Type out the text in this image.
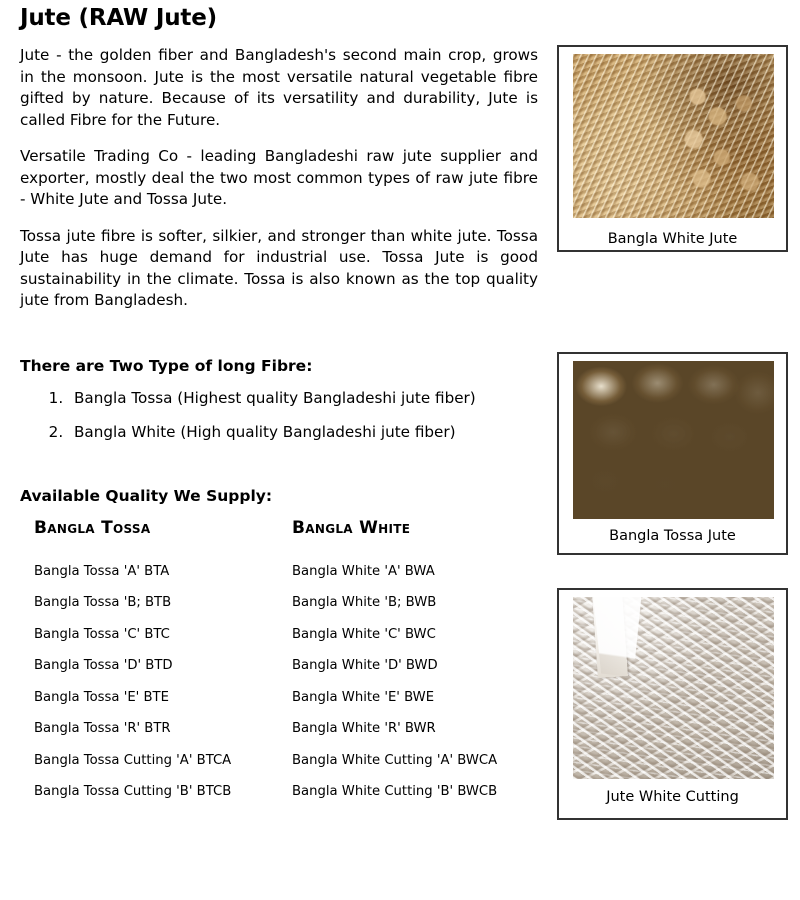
Jute (RAW Jute)

Jute - the golden fiber and Bangladesh's second main crop, grows in the monsoon. Jute is the most versatile natural vegetable fibre gifted by nature. Because of its versatility and durability, Jute is called Fibre for the Future.

Versatile Trading Co - leading Bangladeshi raw jute supplier and exporter, mostly deal the two most common types of raw jute fibre - White Jute and Tossa Jute.

Tossa jute fibre is softer, silkier, and stronger than white jute. Tossa Jute has huge demand for industrial use. Tossa Jute is good sustainability in the climate. Tossa is also known as the top quality jute from Bangladesh.

There are Two Type of long Fibre:
1. Bangla Tossa (Highest quality Bangladeshi jute fiber)
2. Bangla White (High quality Bangladeshi jute fiber)
Available Quality We Supply:
Bangla Tossa
Bangla Tossa 'A' BTA
Bangla Tossa 'B; BTB
Bangla Tossa 'C' BTC
Bangla Tossa 'D' BTD
Bangla Tossa 'E' BTE
Bangla Tossa 'R' BTR
Bangla Tossa Cutting 'A' BTCA
Bangla Tossa Cutting 'B' BTCB
Bangla White
Bangla White 'A' BWA
Bangla White 'B; BWB
Bangla White 'C' BWC
Bangla White 'D' BWD
Bangla White 'E' BWE
Bangla White 'R' BWR
Bangla White Cutting 'A' BWCA
Bangla White Cutting 'B' BWCB
Bangla White Jute
Bangla Tossa Jute
Jute White Cutting
